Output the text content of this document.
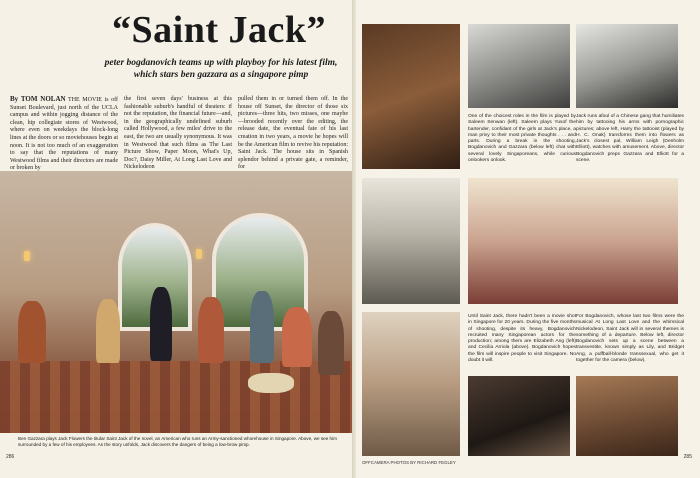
“Saint Jack”

peter bogdanovich teams up with playboy for his latest film, which stars ben gazzara as a singapore pimp

By TOM NOLAN THE MOVIE is off Sunset Boulevard, just north of the UCLA campus and within jogging distance of the clean, hip collegiate stores of Westwood, where even on weekdays the block-long lines at the doors or so moviehouses begin at noon. It is not too much of an exaggeration to say that the reputations of many Westwood films and their directors are made or broken by
the first seven days' business at this fashionable suburb's handful of theaters: if not the reputation, the financial future—and, in the geographically undefined suburb called Hollywood, a few miles' drive to the east, the two are usually synonymous. It was in Westwood that such films as The Last Picture Show, Paper Moon, What's Up, Doc?, Daisy Miller, At Long Last Love and Nickelodeon
pulled them in or turned them off. In the house off Sunset, the director of those six pictures—three hits, two misses, one maybe—brooded recently over the editing, the release date, the eventual fate of his last creation in two years, a movie he hopes will be the American film to revive his reputation: Saint Jack. The house sits in Spanish splendor behind a private gate, a reminder, for

Ben Gazzara plays Jack Flowers the titular Saint Jack of the novel, an American who runs an Army-sanctioned whorehouse in Singapore. Above, we see him surrounded by a few of his employees. As the story unfolds, Jack discovers the dangers of being a low-brow pimp.

286

One of the choicest roles in the film is played by Saleem Senwan (left). Saleem plays Yusof the bartender, confidant of the girls at Jack's place, a man privy to their most private thoughts . . . and parts. During a break in the shooting, Bogdanovich and Gazzara (below left) chat with several lovely Singaporeans, while curious onlookers onlook.

Jack runs afoul of a Chinese gang that humiliates him by tattooing his arms with pornographic pictures; above left, Harry the tattooist (played by H. C. Onak) transforms them into flowers as Jack's closest pal, William Leigh (Denholm Elliott), watches with amusement. Above, director Bogdanovich preps Gazzara and Elliott for a scene.

Until Saint Jack, there hadn't been a movie shot in Singapore for 20 years. During the five months of shooting, despite its heavy, Bogdanovich recruited many Singaporean actors for the production; among them are Elizabeth Ang (left) and Cecilia Arriola (above). Bogdanovich hopes the film will inspire people to visit Singapore. No doubt it will.

For Bogdanovich, whose last two films were the musical At Long Last Love and the whimsical Nickelodeon, Saint Jack will in several themes is something of a departure. Below left, director Bogdanovich sets up a scene between a transvestite, known simply as Lily, and Bridget Ang, a puffball-blonde transsexual, who get it together for the camera (below).

OFFCAMERA PHOTOS BY RICHARD FEGLEY

285
